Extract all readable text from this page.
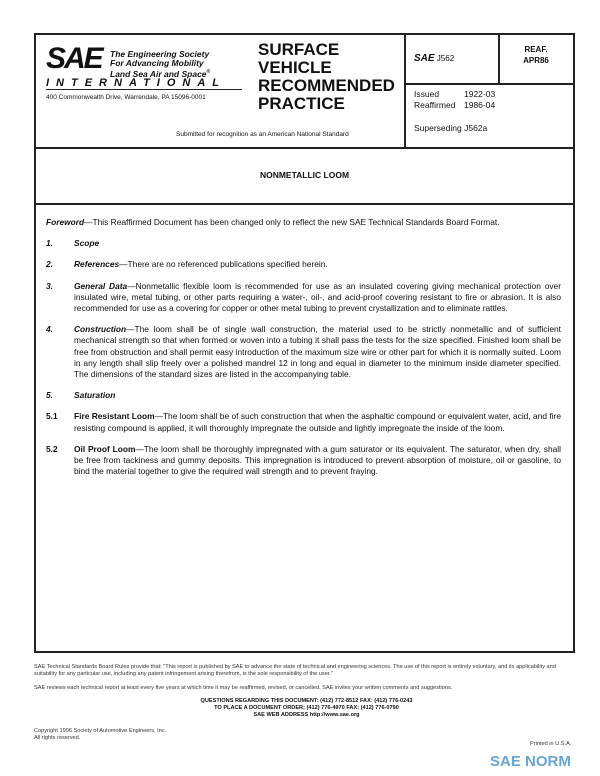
SAE The Engineering Society
For Advancing Mobility
Land Sea Air and Space®
INTERNATIONAL
400 Commonwealth Drive, Warrendale, PA 15096-0001
SURFACE
VEHICLE
RECOMMENDED
PRACTICE
Submitted for recognition as an American National Standard
SAE J562
REAF.
APR86
Issued	1922-03
Reaffirmed 1986-04
Superseding J562a
NONMETALLIC LOOM

Foreword—This Reaffirmed Document has been changed only to reflect the new SAE Technical Standards Board Format.

1.	Scope

2.	References—There are no referenced publications specified herein.

3.	General Data—Nonmetallic flexible loom is recommended for use as an insulated covering giving mechanical protection over insulated wire, metal tubing, or other parts requiring a water-, oil-, and acid-proof covering resistant to fire or abrasion. It is also recommended for use as a covering for copper or other metal tubing to prevent crystallization and to eliminate rattles.

4.	Construction—The loom shall be of single wall construction, the material used to be strictly nonmetallic and of sufficient mechanical strength so that when formed or woven into a tubing it shall pass the tests for the size specified. Finished loom shall be free from obstruction and shall permit easy introduction of the maximum size wire or other part for which it is normally suited. Loom in any length shall slip freely over a polished mandrel 12 in long and equal in diameter to the minimum inside diameter specified. The dimensions of the standard sizes are listed in the accompanying table.

5.	Saturation

5.1	Fire Resistant Loom—The loom shall be of such construction that when the asphaltic compound or equivalent water, acid, and fire resisting compound is applied, it will thoroughly impregnate the outside and lightly impregnate the inside of the loom.

5.2	Oil Proof Loom—The loom shall be thoroughly impregnated with a gum saturator or its equivalent. The saturator, when dry, shall be free from tackiness and gummy deposits. This impregnation is introduced to prevent absorption of moisture, oil or gasoline, to bind the material together to give the required wall strength and to prevent fraying.

SAE Technical Standards Board Rules provide that: "This report is published by SAE to advance the state of technical and engineering sciences. The use of this report is entirely voluntary, and its applicability and suitability for any particular use, including any patent infringement arising therefrom, is the sole responsibility of the user."
SAE reviews each technical report at least every five years at which time it may be reaffirmed, revised, or cancelled. SAE invites your written comments and suggestions.
QUESTIONS REGARDING THIS DOCUMENT: (412) 772-8512 FAX: (412) 776-0243
TO PLACE A DOCUMENT ORDER; (412) 776-4970 FAX: (412) 776-0790
SAE WEB ADDRESS http://www.sae.org
Copyright 1996 Society of Automotive Engineers, Inc.
All rights reserved.
Printed in U.S.A.
SAE NORM
